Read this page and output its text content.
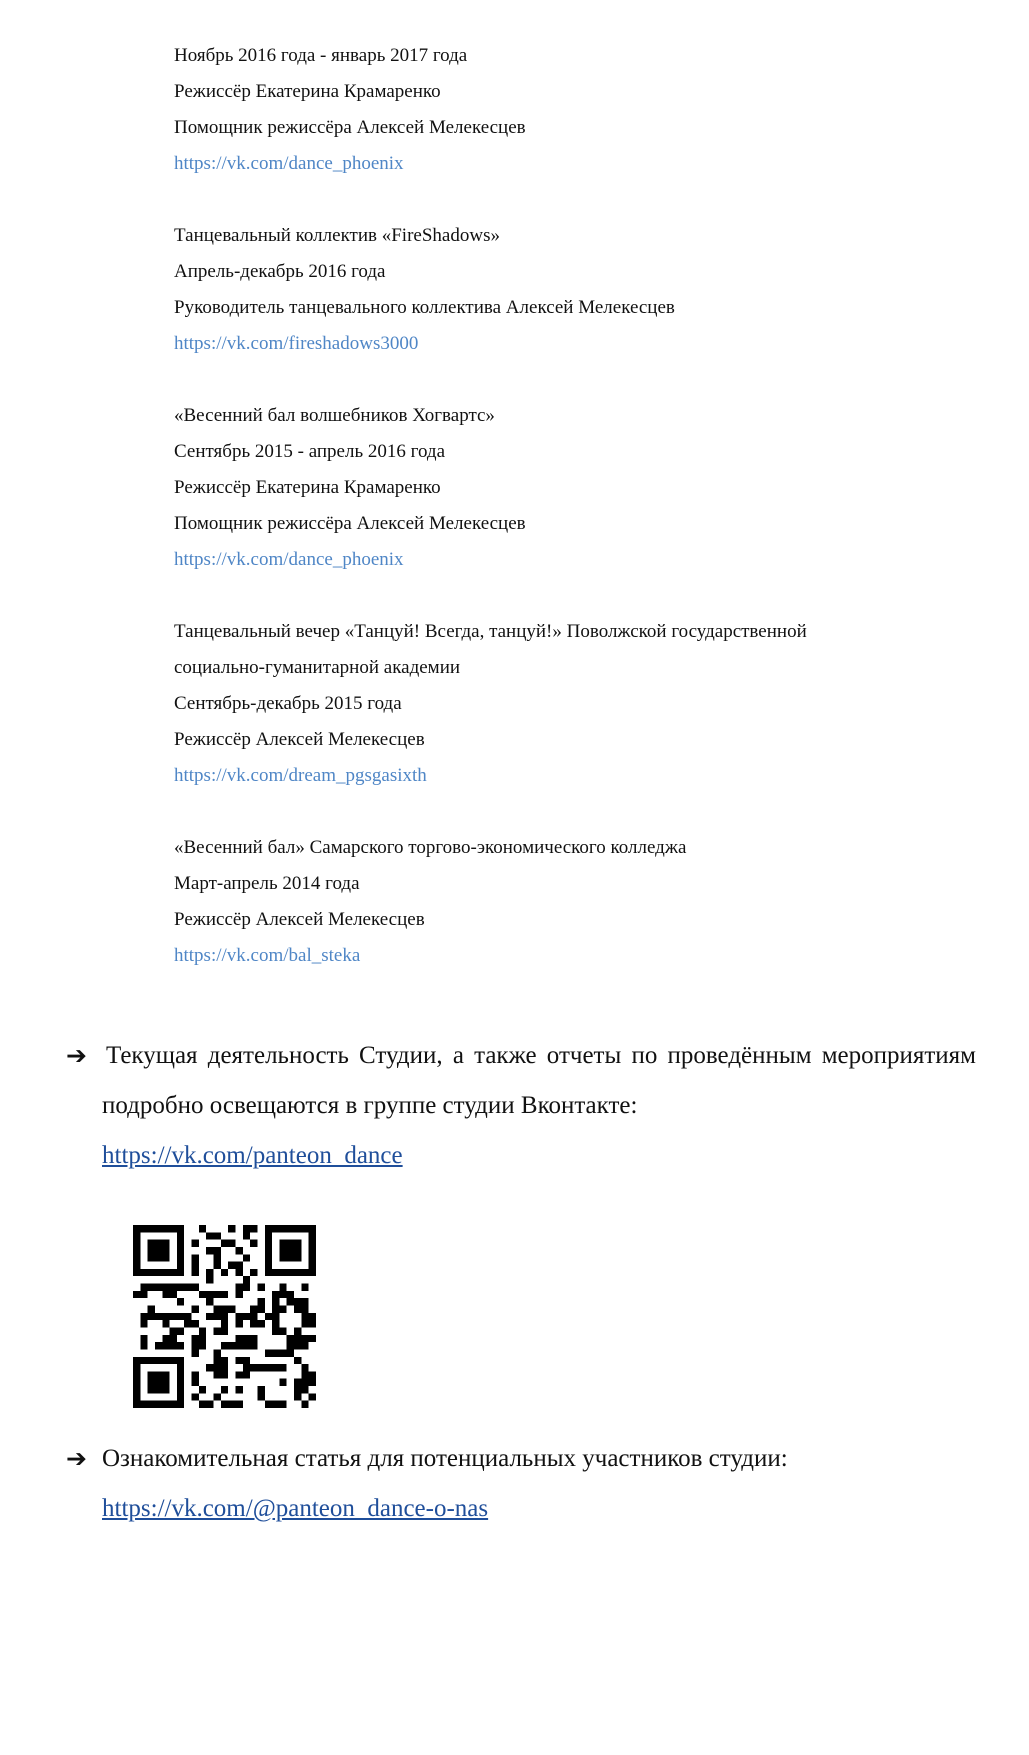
Ноябрь 2016 года - январь 2017 года
Режиссёр Екатерина Крамаренко
Помощник режиссёра Алексей Мелекесцев
https://vk.com/dance_phoenix
Танцевальный коллектив «FireShadows»
Апрель-декабрь 2016 года
Руководитель танцевального коллектива Алексей Мелекесцев
https://vk.com/fireshadows3000
«Весенний бал волшебников Хогвартс»
Сентябрь 2015 - апрель 2016 года
Режиссёр Екатерина Крамаренко
Помощник режиссёра Алексей Мелекесцев
https://vk.com/dance_phoenix
Танцевальный вечер «Танцуй! Всегда, танцуй!» Поволжской государственной
социально-гуманитарной академии
Сентябрь-декабрь 2015 года
Режиссёр Алексей Мелекесцев
https://vk.com/dream_pgsgasixth
«Весенний бал» Самарского торгово-экономического колледжа
Март-апрель 2014 года
Режиссёр Алексей Мелекесцев
https://vk.com/bal_steka
➔ Текущая деятельность Студии, а также отчеты по проведённым мероприятиям подробно освещаются в группе студии Вконтакте:
https://vk.com/panteon_dance
➔ Ознакомительная статья для потенциальных участников студии:
https://vk.com/@panteon_dance-o-nas
